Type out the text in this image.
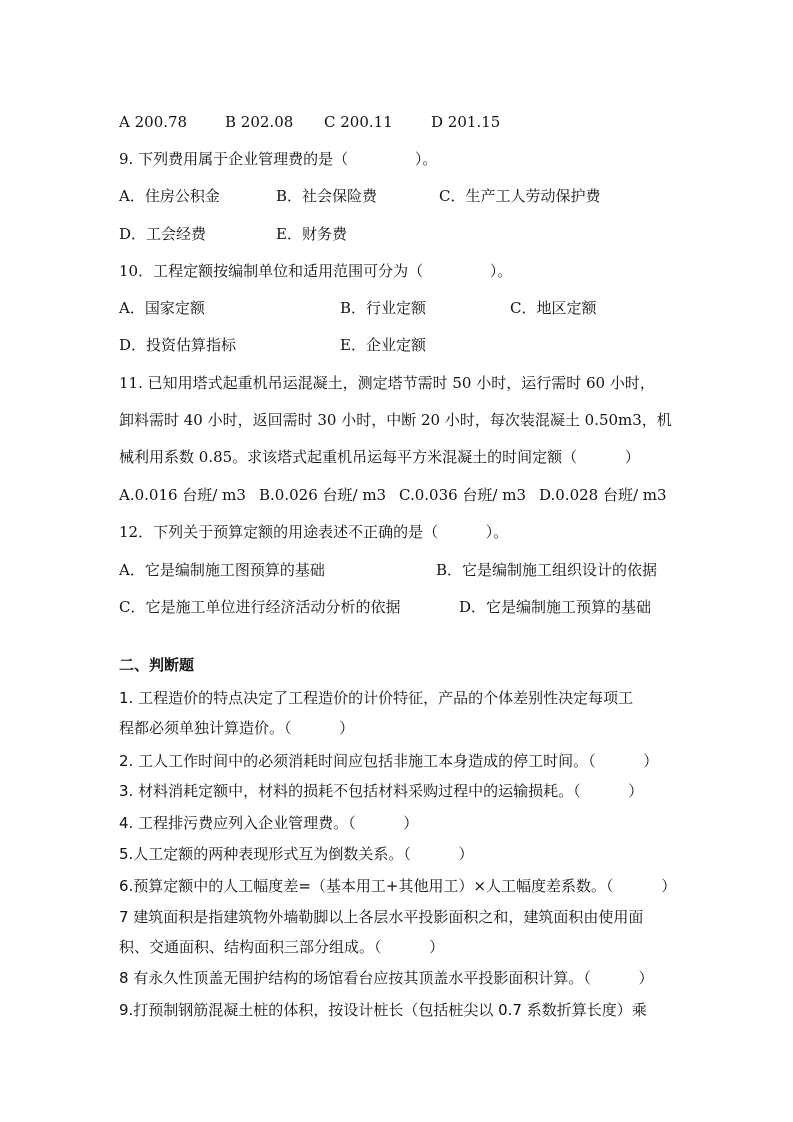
A 200.78

	B 202.08

C 200.11

	D 201.15

9. 下列费用属于企业管理费的是（              ）。

A．住房公积金

	B．社会保险费

	C．生产工人劳动保护费

D．工会经费

	E．财务费

10．工程定额按编制单位和适用范围可分为（              ）。

A．国家定额

	B．行业定额

	C．地区定额

D．投资估算指标

	E．企业定额

11. 已知用塔式起重机吊运混凝土，测定塔节需时 50 小时，运行需时 60 小时，
卸料需时 40 小时，返回需时 30 小时，中断 20 小时，每次装混凝土 0.50m3，机
械利用系数 0.85。求该塔式起重机吊运每平方米混凝土的时间定额（          ）

A.0.016 台班/ m3

B.0.026 台班/ m3

C.0.036 台班/ m3

D.0.028 台班/ m3

12．下列关于预算定额的用途表述不正确的是（          ）。

A．它是编制施工图预算的基础

	B．它是编制施工组织设计的依据

C．它是施工单位进行经济活动分析的依据

	D．它是编制施工预算的基础

二、判断题
1. 工程造价的特点决定了工程造价的计价特征，产品的个体差别性决定每项工
程都必须单独计算造价。（          ）
2. 工人工作时间中的必须消耗时间应包括非施工本身造成的停工时间。（          ）
3. 材料消耗定额中，材料的损耗不包括材料采购过程中的运输损耗。（          ）
4. 工程排污费应列入企业管理费。（          ）
5.人工定额的两种表现形式互为倒数关系。（          ）
6.预算定额中的人工幅度差=（基本用工+其他用工）×人工幅度差系数。（          ）
7 建筑面积是指建筑物外墙勒脚以上各层水平投影面积之和，建筑面积由使用面
积、交通面积、结构面积三部分组成。（          ）
8 有永久性顶盖无围护结构的场馆看台应按其顶盖水平投影面积计算。（          ）
9.打预制钢筋混凝土桩的体积，按设计桩长（包括桩尖以 0.7 系数折算长度）乘
